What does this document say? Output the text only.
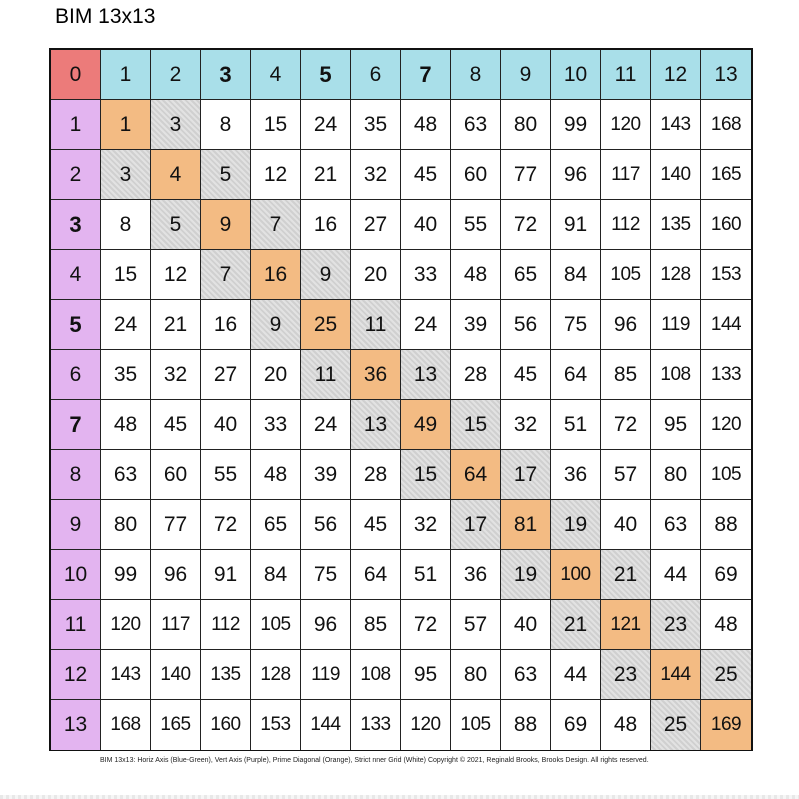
BIM 13x13
0	1	2	3	4	5	6	7	8	9	10	11	12	13
1	1	3	8	15	24	35	48	63	80	99	120	143	168
2	3	4	5	12	21	32	45	60	77	96	117	140	165
3	8	5	9	7	16	27	40	55	72	91	112	135	160
4	15	12	7	16	9	20	33	48	65	84	105	128	153
5	24	21	16	9	25	11	24	39	56	75	96	119	144
6	35	32	27	20	11	36	13	28	45	64	85	108	133
7	48	45	40	33	24	13	49	15	32	51	72	95	120
8	63	60	55	48	39	28	15	64	17	36	57	80	105
9	80	77	72	65	56	45	32	17	81	19	40	63	88
10	99	96	91	84	75	64	51	36	19	100	21	44	69
11	120	117	112	105	96	85	72	57	40	21	121	23	48
12	143	140	135	128	119	108	95	80	63	44	23	144	25
13	168	165	160	153	144	133	120	105	88	69	48	25	169
BIM 13x13: Horiz Axis (Blue-Green), Vert Axis (Purple), Prime Diagonal (Orange), Strict nner Grid (White) Copyright © 2021, Reginald Brooks, Brooks Design. All rights reserved.
